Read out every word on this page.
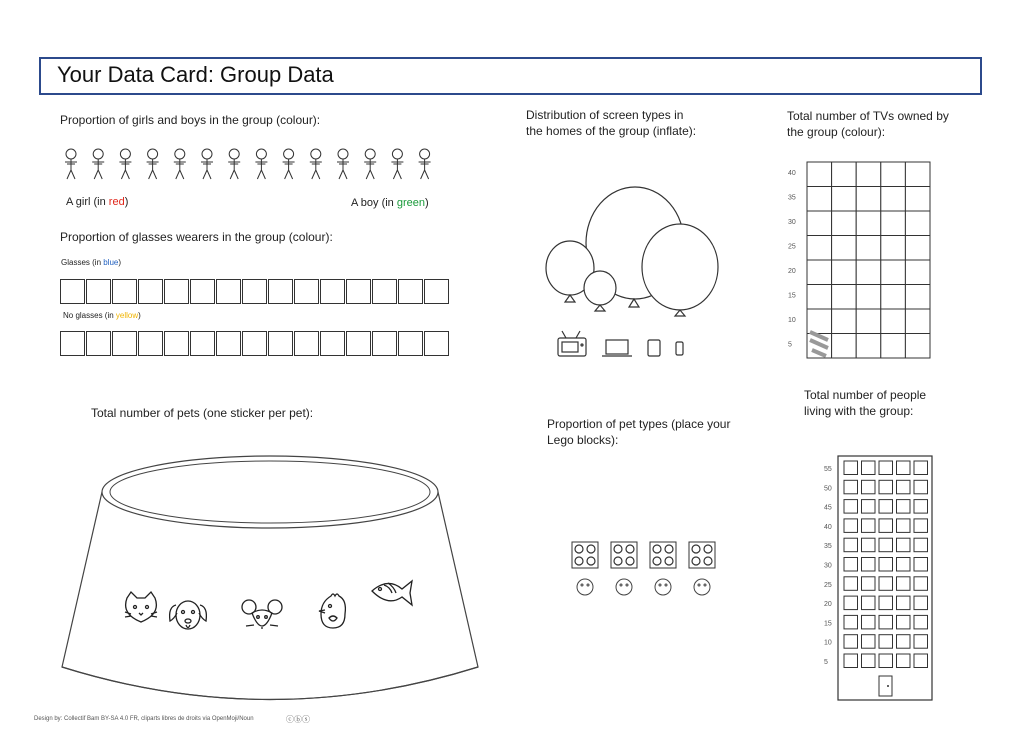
Your Data Card: Group Data
Proportion of girls and boys in the group (colour):
A girl (in red)	A boy (in green)
Proportion of glasses wearers in the group (colour):
Glasses (in blue)
No glasses (in yellow)
Total number of pets (one sticker per pet):
Distribution of screen types in
the homes of the group (inflate):
Proportion of pet types (place your
Lego blocks):
Total number of TVs owned by
the group (colour):
40
35
30
25
20
15
10
5
Total number of people
living with the group:
55
50
45
40
35
30
25
20
15
10
5
Design by: Collectif Bam BY-SA 4.0 FR, cliparts libres de droits via OpenMoji/Noun	ⓒⓑⓢ
